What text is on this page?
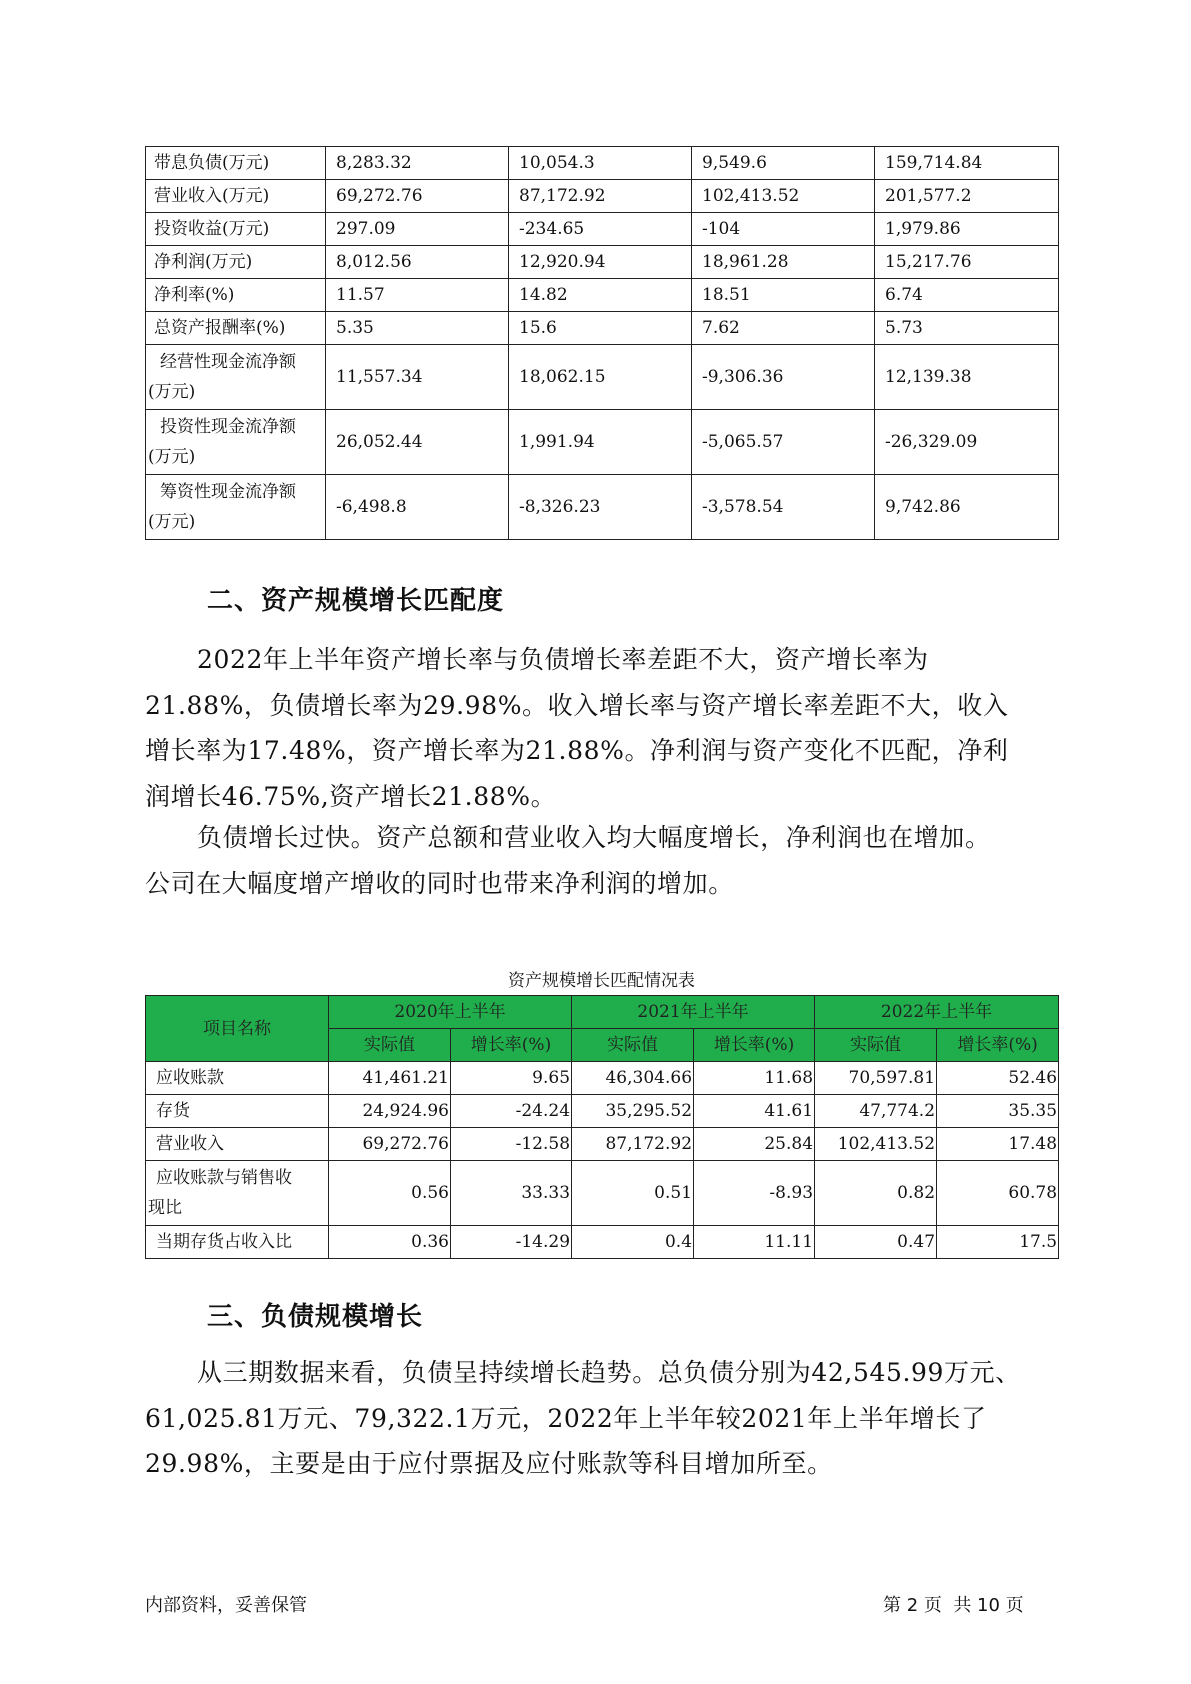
带息负债(万元)	8,283.32	10,054.3	9,549.6	159,714.84
营业收入(万元)	69,272.76	87,172.92	102,413.52	201,577.2
投资收益(万元)	297.09	-234.65	-104	1,979.86
净利润(万元)	8,012.56	12,920.94	18,961.28	15,217.76
净利率(%)	11.57	14.82	18.51	6.74
总资产报酬率(%)	5.35	15.6	7.62	5.73
经营性现金流净额
(万元)	11,557.34	18,062.15	-9,306.36	12,139.38
投资性现金流净额
(万元)	26,052.44	1,991.94	-5,065.57	-26,329.09
筹资性现金流净额
(万元)	-6,498.8	-8,326.23	-3,578.54	9,742.86
二、资产规模增长匹配度
2022年上半年资产增长率与负债增长率差距不大，资产增长率为
21.88%，负债增长率为29.98%。收入增长率与资产增长率差距不大，收入
增长率为17.48%，资产增长率为21.88%。净利润与资产变化不匹配，净利
润增长46.75%,资产增长21.88%。
负债增长过快。资产总额和营业收入均大幅度增长，净利润也在增加。
公司在大幅度增产增收的同时也带来净利润的增加。
资产规模增长匹配情况表
项目名称	2020年上半年		2021年上半年		2022年上半年	
	实际值	增长率(%)	实际值	增长率(%)	实际值	增长率(%)
应收账款	41,461.21	9.65	46,304.66	11.68	70,597.81	52.46
存货	24,924.96	-24.24	35,295.52	41.61	47,774.2	35.35
营业收入	69,272.76	-12.58	87,172.92	25.84	102,413.52	17.48
应收账款与销售收
现比	0.56	33.33	0.51	-8.93	0.82	60.78
当期存货占收入比	0.36	-14.29	0.4	11.11	0.47	17.5
三、负债规模增长
从三期数据来看，负债呈持续增长趋势。总负债分别为42,545.99万元、
61,025.81万元、79,322.1万元，2022年上半年较2021年上半年增长了
29.98%，主要是由于应付票据及应付账款等科目增加所至。
内部资料，妥善保管	第 2 页  共 10 页
